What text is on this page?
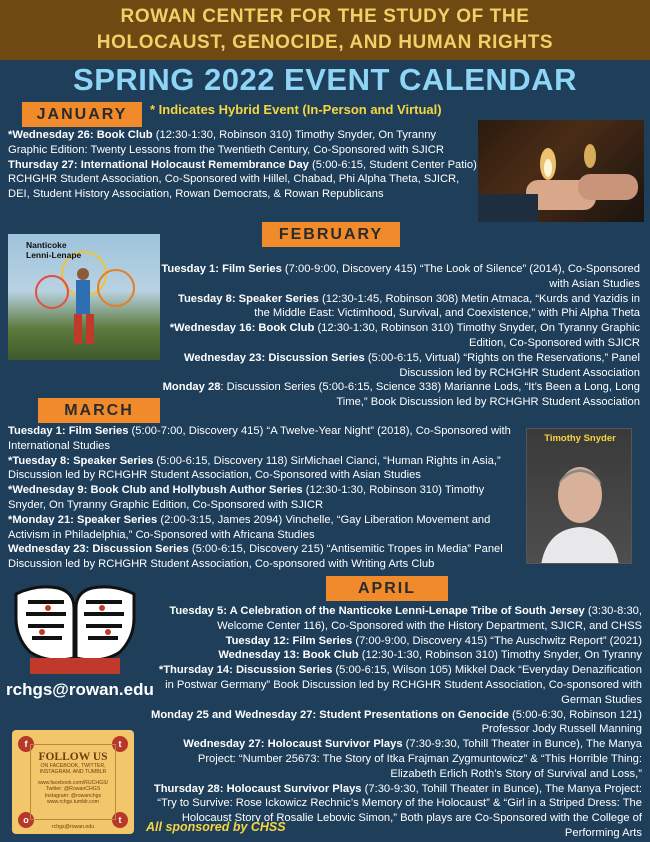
ROWAN CENTER FOR THE STUDY OF THE
HOLOCAUST, GENOCIDE, AND HUMAN RIGHTS
SPRING 2022 EVENT CALENDAR
JANUARY	* Indicates Hybrid Event (In-Person and Virtual)

*Wednesday 26: Book Club (12:30-1:30, Robinson 310) Timothy Snyder, On Tyranny Graphic Edition: Twenty Lessons from the Twentieth Century, Co-Sponsored with SJICR

Thursday 27: International Holocaust Remembrance Day (5:00-6:15, Student Center Patio) RCHGHR Student Association, Co-Sponsored with Hillel, Chabad, Phi Alpha Theta, SJICR, DEI, Student History Association, Rowan Democrats, & Rowan Republicans

FEBRUARY
Nanticoke Lenni-Lenape

Tuesday 1: Film Series (7:00-9:00, Discovery 415) “The Look of Silence” (2014), Co-Sponsored with Asian Studies

Tuesday 8: Speaker Series (12:30-1:45, Robinson 308) Metin Atmaca, “Kurds and Yazidis in the Middle East: Victimhood, Survival, and Coexistence,” with Phi Alpha Theta

*Wednesday 16: Book Club (12:30-1:30, Robinson 310) Timothy Snyder, On Tyranny Graphic Edition, Co-Sponsored with SJICR

Wednesday 23: Discussion Series (5:00-6:15, Virtual) “Rights on the Reservations,” Panel Discussion led by RCHGHR Student Association

Monday 28: Discussion Series (5:00-6:15, Science 338) Marianne Lods, “It’s Been a Long, Long Time,” Book Discussion led by RCHGHR Student Association

MARCH

Tuesday 1: Film Series (5:00-7:00, Discovery 415) “A Twelve-Year Night” (2018), Co-Sponsored with International Studies

*Tuesday 8: Speaker Series (5:00-6:15, Discovery 118) SirMichael Cianci, “Human Rights in Asia,” Discussion led by RCHGHR Student Association, Co-Sponsored with Asian Studies

*Wednesday 9: Book Club and Hollybush Author Series (12:30-1:30, Robinson 310) Timothy Snyder, On Tyranny Graphic Edition, Co-Sponsored with SJICR

*Monday 21: Speaker Series (2:00-3:15, James 2094) Vinchelle, “Gay Liberation Movement and Activism in Philadelphia,” Co-Sponsored with Africana Studies

Wednesday 23: Discussion Series (5:00-6:15, Discovery 215) “Antisemitic Tropes in Media” Panel Discussion led by RCHGHR Student Association, Co-sponsored with Writing Arts Club

Timothy Snyder
APRIL

Tuesday 5: A Celebration of the Nanticoke Lenni-Lenape Tribe of South Jersey (3:30-8:30, Welcome Center 116), Co-Sponsored with the History Department, SJICR, and CHSS

Tuesday 12: Film Series (7:00-9:00, Discovery 415) “The Auschwitz Report” (2021)

Wednesday 13: Book Club (12:30-1:30, Robinson 310) Timothy Snyder, On Tyranny

*Thursday 14: Discussion Series (5:00-6:15, Wilson 105) Mikkel Dack “Everyday Denazification in Postwar Germany” Book Discussion led by RCHGHR Student Association, Co-sponsored with German Studies

Monday 25 and Wednesday 27: Student Presentations on Genocide (5:00-6:30, Robinson 121) Professor Jody Russell Manning

Wednesday 27: Holocaust Survivor Plays (7:30-9:30, Tohill Theater in Bunce), The Manya Project: “Number 25673: The Story of Itka Frajman Zygmuntowicz” & “This Horrible Thing: Elizabeth Erlich Roth’s Story of Survival and Loss,”

Thursday 28: Holocaust Survivor Plays (7:30-9:30, Tohill Theater in Bunce), The Manya Project: “Try to Survive: Rose Ickowicz Rechnic’s Memory of the Holocaust” & “Girl in a Striped Dress: The Holocaust Story of Rosalie Lebovic Simon,” Both plays are Co-Sponsored with the College of Performing Arts

rchgs@rowan.edu
f	t
o	t
FOLLOW US
ON FACEBOOK, TWITTER,
INSTAGRAM, AND TUMBLR
www.facebook.com/RUCHGS/
Twitter: @RowanCHGS
Instagram: @rowanchgs
www.rchgs.tumblr.com
rchgs@rowan.edu	All sponsored by CHSS
